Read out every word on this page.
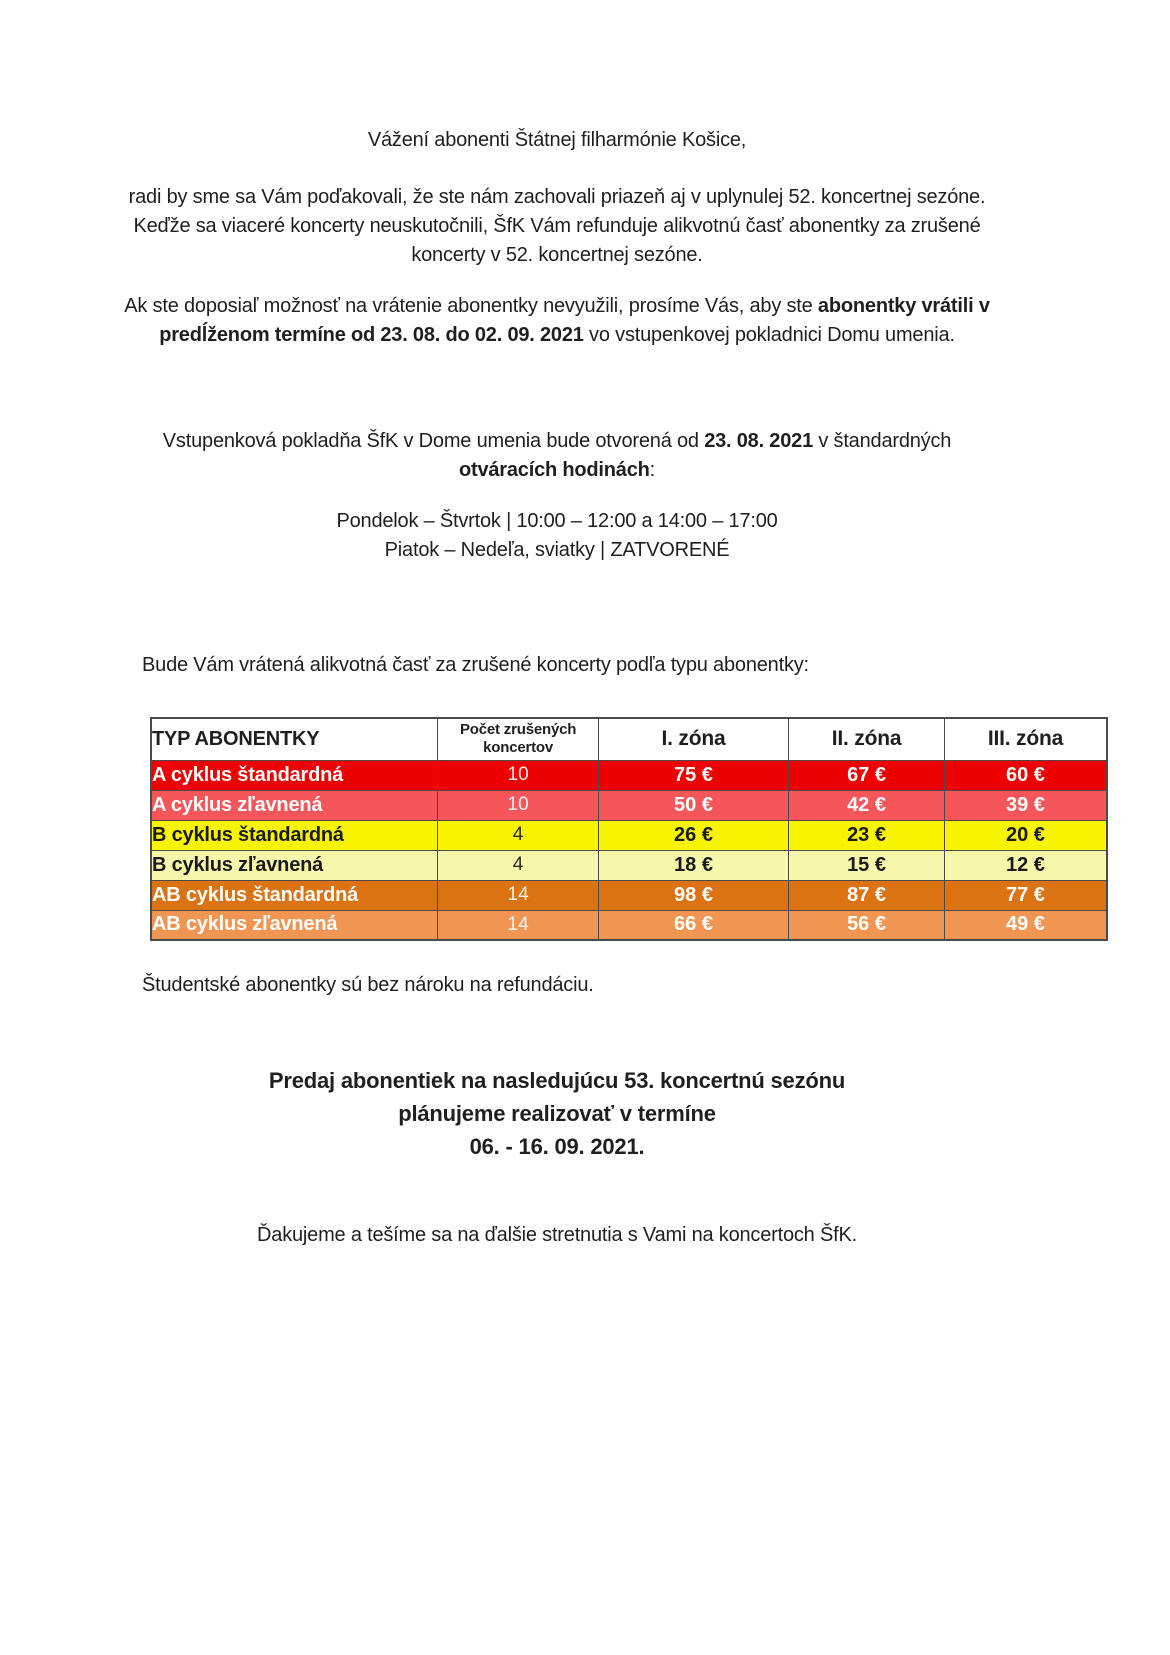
Vážení abonenti Štátnej filharmónie Košice,

radi by sme sa Vám poďakovali, že ste nám zachovali priazeň aj v uplynulej 52. koncertnej sezóne. Keďže sa viaceré koncerty neuskutočnili, ŠfK Vám refunduje alikvotnú časť abonentky za zrušené koncerty v 52. koncertnej sezóne.

Ak ste doposiaľ možnosť na vrátenie abonentky nevyužili, prosíme Vás, aby ste abonentky vrátili v predĺženom termíne od 23. 08. do 02. 09. 2021 vo vstupenkovej pokladnici Domu umenia.

Vstupenková pokladňa ŠfK v Dome umenia bude otvorená od 23. 08. 2021 v štandardných otváracích hodinách:

Pondelok – Štvrtok | 10:00 – 12:00 a 14:00 – 17:00
Piatok – Nedeľa, sviatky | ZATVORENÉ

Bude Vám vrátená alikvotná časť za zrušené koncerty podľa typu abonentky:

Študentské abonentky sú bez nároku na refundáciu.

Predaj abonentiek na nasledujúcu 53. koncertnú sezónu
plánujeme realizovať v termíne
06. - 16. 09. 2021.

Ďakujeme a tešíme sa na ďalšie stretnutia s Vami na koncertoch ŠfK.

TYP ABONENTKY	Počet zrušených koncertov	I. zóna	II. zóna	III. zóna
A cyklus štandardná	10	75 €	67 €	60 €
A cyklus zľavnená	10	50 €	42 €	39 €
B cyklus štandardná	4	26 €	23 €	20 €
B cyklus zľavnená	4	18 €	15 €	12 €
AB cyklus štandardná	14	98 €	87 €	77 €
AB cyklus zľavnená	14	66 €	56 €	49 €
